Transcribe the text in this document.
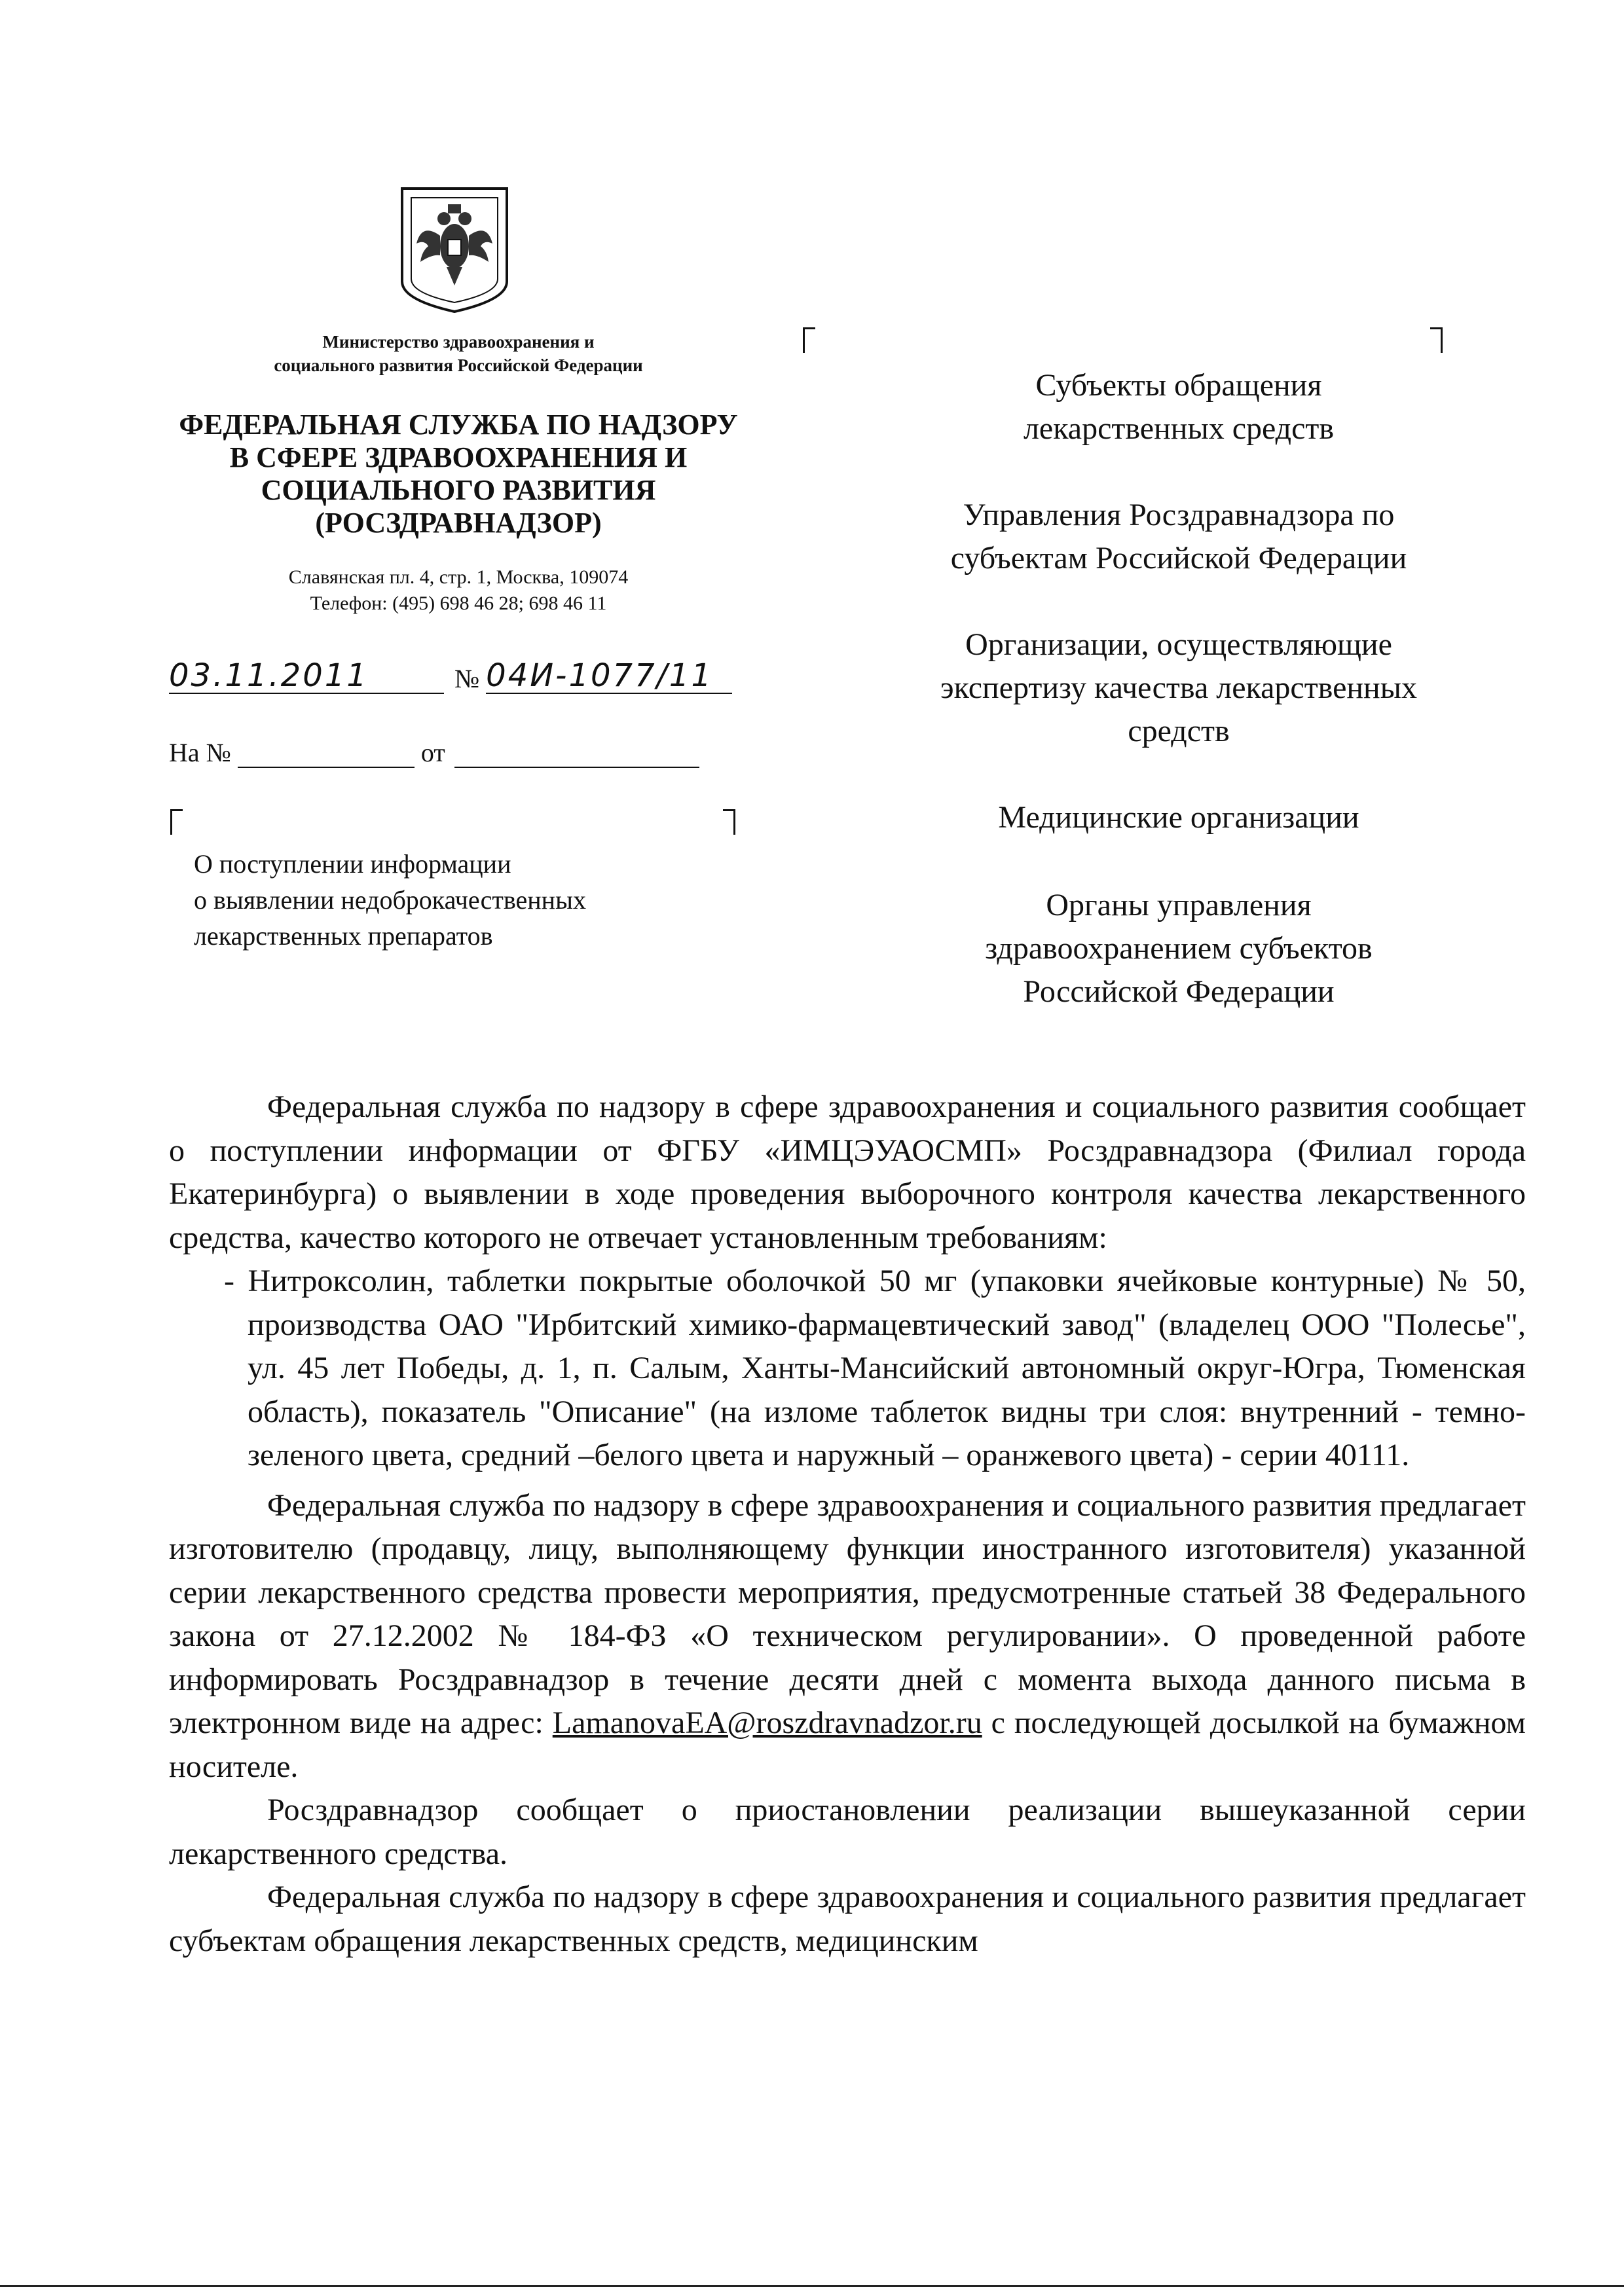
Министерство здравоохранения и
социального развития Российской Федерации
ФЕДЕРАЛЬНАЯ СЛУЖБА ПО НАДЗОРУ
В СФЕРЕ ЗДРАВООХРАНЕНИЯ И
СОЦИАЛЬНОГО РАЗВИТИЯ
(РОСЗДРАВНАДЗОР)
Славянская пл. 4, стр. 1, Москва, 109074
Телефон: (495) 698 46 28; 698 46 11
03.11.2011	№ 04И-1077/11
На №	от
О поступлении информации
о выявлении недоброкачественных
лекарственных препаратов
Субъекты обращения
лекарственных средств
Управления Росздравнадзора по
субъектам Российской Федерации
Организации, осуществляющие
экспертизу качества лекарственных
средств
Медицинские организации
Органы управления
здравоохранением субъектов
Российской Федерации

Федеральная служба по надзору в сфере здравоохранения и социального развития сообщает о поступлении информации от ФГБУ «ИМЦЭУАОСМП» Росздравнадзора (Филиал города Екатеринбурга) о выявлении в ходе проведения выборочного контроля качества лекарственного средства, качество которого не отвечает установленным требованиям:

- Нитроксолин, таблетки покрытые оболочкой 50 мг (упаковки ячейковые контурные) № 50, производства ОАО "Ирбитский химико-фармацевтический завод" (владелец ООО "Полесье", ул. 45 лет Победы, д. 1, п. Салым, Ханты-Мансийский автономный округ-Югра, Тюменская область), показатель "Описание" (на изломе таблеток видны три слоя: внутренний - темно-зеленого цвета, средний –белого цвета и наружный – оранжевого цвета) - серии 40111.

Федеральная служба по надзору в сфере здравоохранения и социального развития предлагает изготовителю (продавцу, лицу, выполняющему функции иностранного изготовителя) указанной серии лекарственного средства провести мероприятия, предусмотренные статьей 38 Федерального закона от 27.12.2002 № 184-ФЗ «О техническом регулировании». О проведенной работе информировать Росздравнадзор в течение десяти дней с момента выхода данного письма в электронном виде на адрес: LamanovaEA@roszdravnadzor.ru с последующей досылкой на бумажном носителе.

Росздравнадзор сообщает о приостановлении реализации вышеуказанной серии лекарственного средства.

Федеральная служба по надзору в сфере здравоохранения и социального развития предлагает субъектам обращения лекарственных средств, медицинским
